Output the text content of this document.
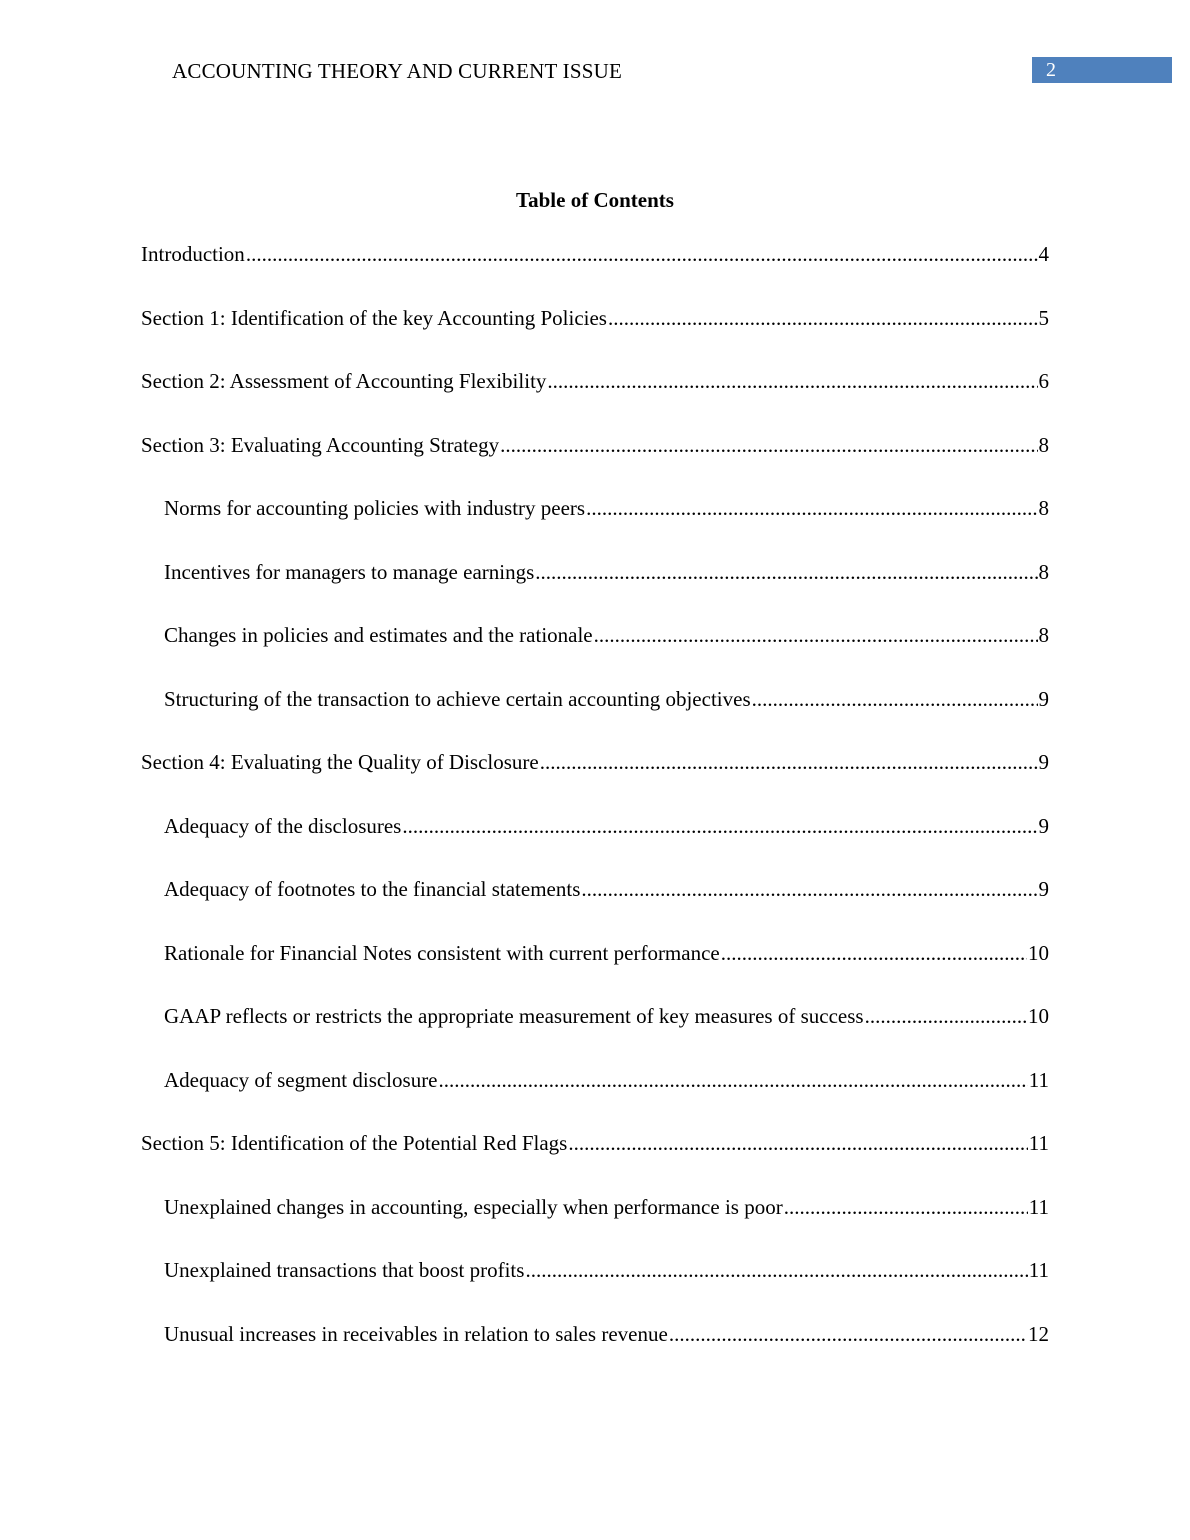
ACCOUNTING THEORY AND CURRENT ISSUE	2
Table of Contents
Introduction .....	4
Section 1: Identification of the key Accounting Policies .....	5
Section 2: Assessment of Accounting Flexibility .....	6
Section 3: Evaluating Accounting Strategy .....	8
Norms for accounting policies with industry peers .....	8
Incentives for managers to manage earnings .....	8
Changes in policies and estimates and the rationale .....	8
Structuring of the transaction to achieve certain accounting objectives .....	9
Section 4: Evaluating the Quality of Disclosure .....	9
Adequacy of the disclosures .....	9
Adequacy of footnotes to the financial statements .....	9
Rationale for Financial Notes consistent with current performance .....	10
GAAP reflects or restricts the appropriate measurement of key measures of success .....	10
Adequacy of segment disclosure .....	11
Section 5: Identification of the Potential Red Flags .....	11
Unexplained changes in accounting, especially when performance is poor .....	11
Unexplained transactions that boost profits .....	11
Unusual increases in receivables in relation to sales revenue .....	12
